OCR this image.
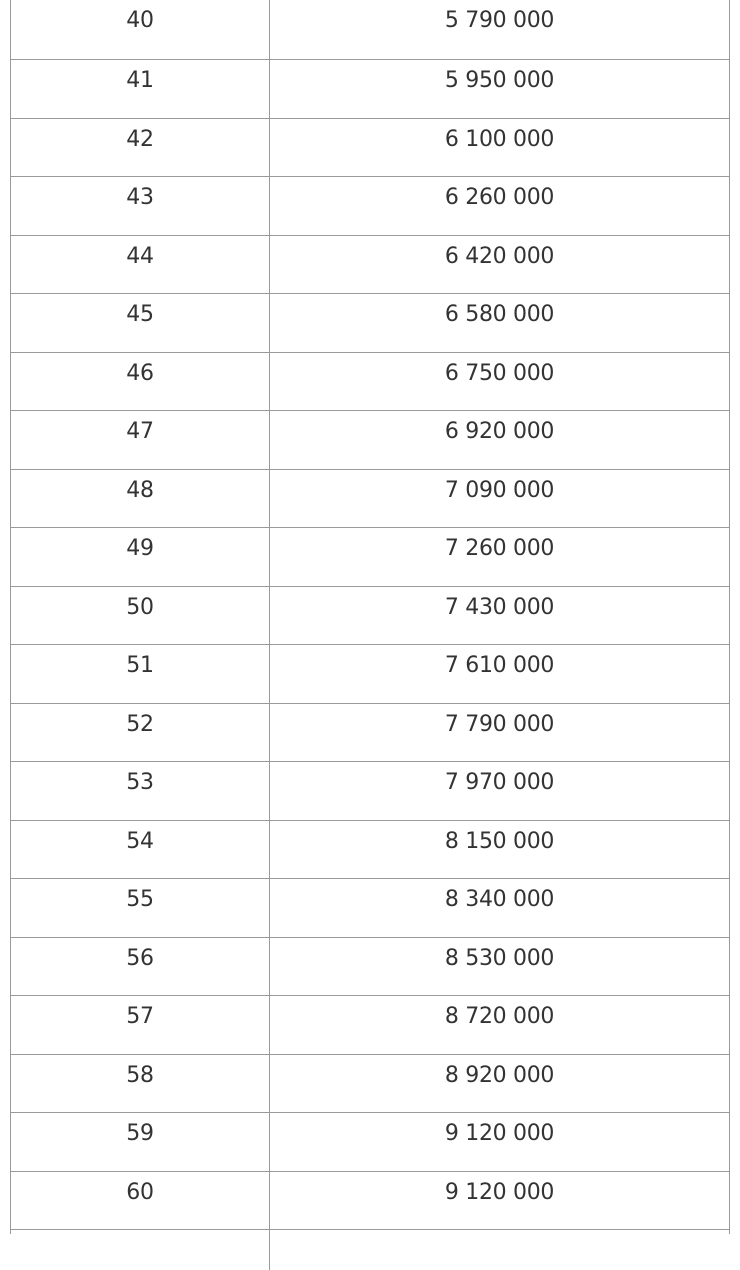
40	5 790 000
41	5 950 000
42	6 100 000
43	6 260 000
44	6 420 000
45	6 580 000
46	6 750 000
47	6 920 000
48	7 090 000
49	7 260 000
50	7 430 000
51	7 610 000
52	7 790 000
53	7 970 000
54	8 150 000
55	8 340 000
56	8 530 000
57	8 720 000
58	8 920 000
59	9 120 000
60	9 120 000
